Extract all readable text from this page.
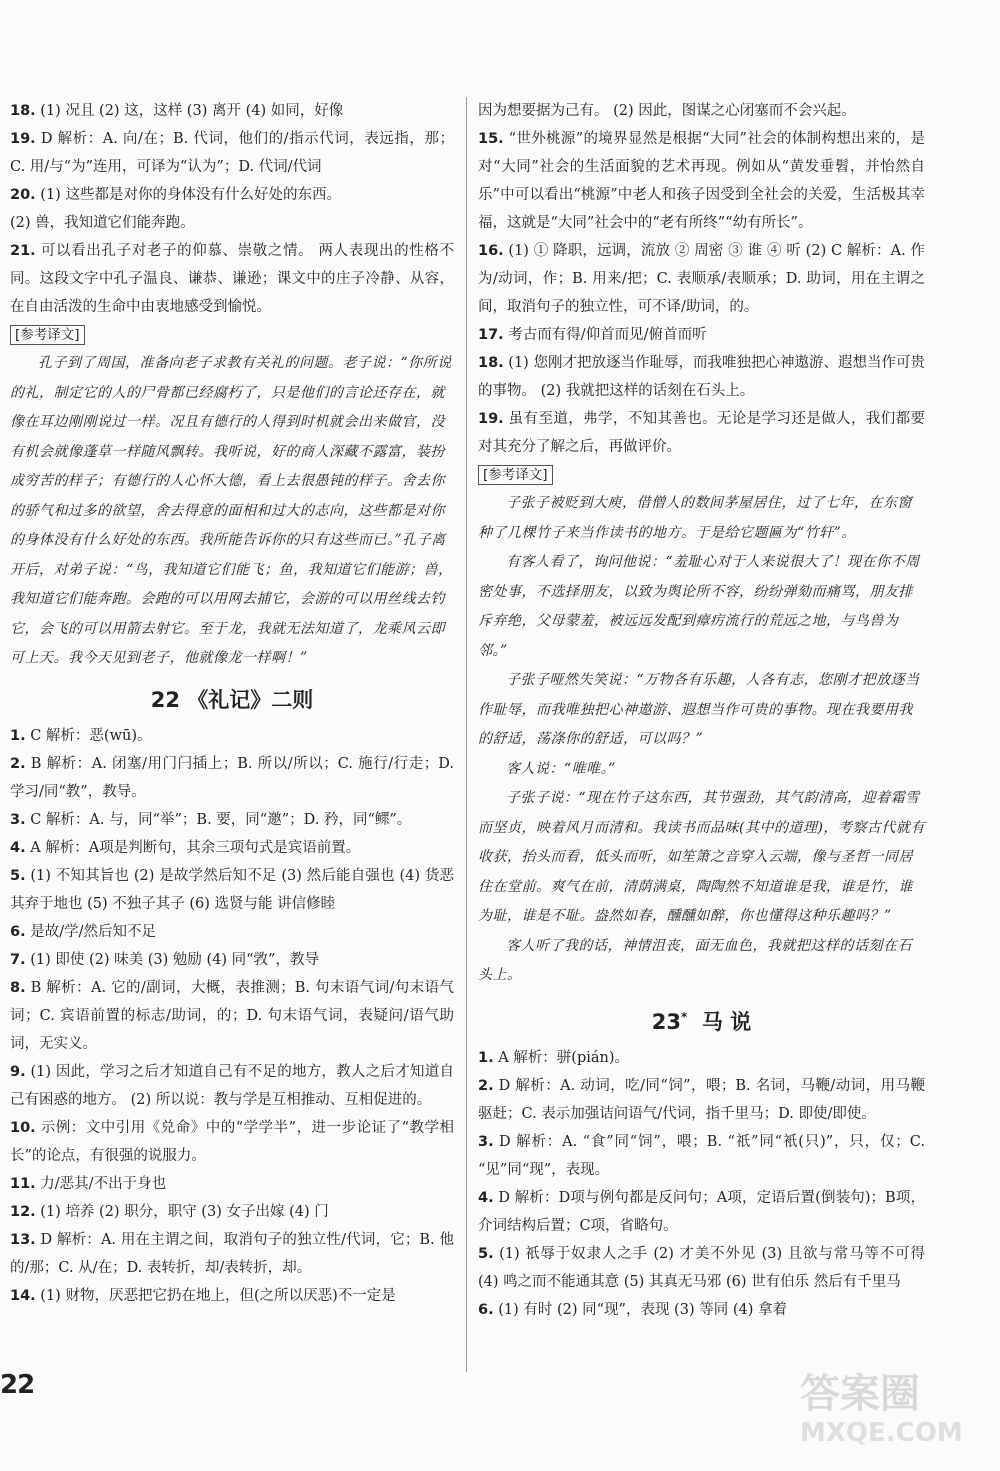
18. (1) 况且 (2) 这，这样 (3) 离开 (4) 如同，好像

19. D 解析：A. 向/在；B. 代词，他们的/指示代词，表远指，那；C. 用/与“为”连用，可译为“认为”；D. 代词/代词

20. (1) 这些都是对你的身体没有什么好处的东西。

(2) 兽，我知道它们能奔跑。

21. 可以看出孔子对老子的仰慕、崇敬之情。 两人表现出的性格不同。这段文字中孔子温良、谦恭、谦逊；课文中的庄子冷静、从容，在自由活泼的生命中由衷地感受到愉悦。

[参考译文]

孔子到了周国，准备向老子求教有关礼的问题。老子说：“你所说的礼，制定它的人的尸骨都已经腐朽了，只是他们的言论还存在，就像在耳边刚刚说过一样。况且有德行的人得到时机就会出来做官，没有机会就像蓬草一样随风飘转。我听说，好的商人深藏不露富，装扮成穷苦的样子；有德行的人心怀大德，看上去很愚钝的样子。舍去你的骄气和过多的欲望，舍去得意的面相和过大的志向，这些都是对你的身体没有什么好处的东西。我所能告诉你的只有这些而已。”孔子离开后，对弟子说：“鸟，我知道它们能飞；鱼，我知道它们能游；兽，我知道它们能奔跑。会跑的可以用网去捕它，会游的可以用丝线去钓它，会飞的可以用箭去射它。至于龙，我就无法知道了，龙乘风云即可上天。我今天见到老子，他就像龙一样啊！”

22 《礼记》二则

1. C 解析：恶(wū)。

2. B 解析：A. 闭塞/用门闩插上；B. 所以/所以；C. 施行/行走；D. 学习/同“教”，教导。

3. C 解析：A. 与，同“举”；B. 要，同“邀”；D. 矜，同“鳏”。

4. A 解析：A项是判断句，其余三项句式是宾语前置。

5. (1) 不知其旨也 (2) 是故学然后知不足 (3) 然后能自强也 (4) 货恶其弃于地也 (5) 不独子其子 (6) 选贤与能 讲信修睦

6. 是故/学/然后知不足

7. (1) 即使 (2) 味美 (3) 勉励 (4) 同“敩”，教导

8. B 解析：A. 它的/副词，大概，表推测；B. 句末语气词/句末语气词；C. 宾语前置的标志/助词，的；D. 句末语气词，表疑问/语气助词，无实义。

9. (1) 因此，学习之后才知道自己有不足的地方，教人之后才知道自己有困惑的地方。 (2) 所以说：教与学是互相推动、互相促进的。

10. 示例：文中引用《兑命》中的“学学半”，进一步论证了“教学相长”的论点，有很强的说服力。

11. 力/恶其/不出于身也

12. (1) 培养 (2) 职分，职守 (3) 女子出嫁 (4) 门

13. D 解析：A. 用在主谓之间，取消句子的独立性/代词，它；B. 他的/那；C. 从/在；D. 表转折，却/表转折，却。

14. (1) 财物，厌恶把它扔在地上，但(之所以厌恶)不一定是

因为想要据为己有。 (2) 因此，图谋之心闭塞而不会兴起。

15. “世外桃源”的境界显然是根据“大同”社会的体制构想出来的，是对“大同”社会的生活面貌的艺术再现。例如从“黄发垂髫，并怡然自乐”中可以看出“桃源”中老人和孩子因受到全社会的关爱，生活极其幸福，这就是“大同”社会中的“老有所终”“幼有所长”。

16. (1) ① 降职，远调，流放 ② 周密 ③ 谁 ④ 听 (2) C 解析：A. 作为/动词，作；B. 用来/把；C. 表顺承/表顺承；D. 助词，用在主谓之间，取消句子的独立性，可不译/助词，的。

17. 考古而有得/仰首而见/俯首而听

18. (1) 您刚才把放逐当作耻辱，而我唯独把心神遨游、遐想当作可贵的事物。 (2) 我就把这样的话刻在石头上。

19. 虽有至道，弗学，不知其善也。无论是学习还是做人，我们都要对其充分了解之后，再做评价。

[参考译文]

子张子被贬到大庾，借僧人的数间茅屋居住，过了七年，在东窗种了几棵竹子来当作读书的地方。于是给它题匾为“竹轩”。

有客人看了，询问他说：“羞耻心对于人来说很大了！现在你不周密处事，不选择朋友，以致为舆论所不容，纷纷弹劾而痛骂，朋友排斥弃绝，父母蒙羞，被远远发配到瘴疠流行的荒远之地，与鸟兽为邻。”

子张子哑然失笑说：“万物各有乐趣，人各有志，您刚才把放逐当作耻辱，而我唯独把心神遨游、遐想当作可贵的事物。现在我要用我的舒适，荡涤你的舒适，可以吗？”

客人说：“唯唯。”

子张子说：“现在竹子这东西，其节强劲，其气韵清高，迎着霜雪而坚贞，映着风月而清和。我读书而品味(其中的道理)，考察古代就有收获，抬头而看，低头而听，如笙箫之音穿入云端，像与圣哲一同居住在堂前。爽气在前，清荫满桌，陶陶然不知道谁是我，谁是竹，谁为耻，谁是不耻。盎然如春，醺醺如醉，你也懂得这种乐趣吗？”

客人听了我的话，神情沮丧，面无血色，我就把这样的话刻在石头上。

23* 马 说

1. A 解析：骈(pián)。

2. D 解析：A. 动词，吃/同“饲”，喂；B. 名词，马鞭/动词，用马鞭驱赶；C. 表示加强诘问语气/代词，指千里马；D. 即使/即使。

3. D 解析：A. “食”同“饲”，喂；B. “祇”同“衹(只)”，只，仅；C. “见”同“现”，表现。

4. D 解析：D项与例句都是反问句；A项，定语后置(倒装句)；B项，介词结构后置；C项，省略句。

5. (1) 祇辱于奴隶人之手 (2) 才美不外见 (3) 且欲与常马等不可得 (4) 鸣之而不能通其意 (5) 其真无马邪 (6) 世有伯乐 然后有千里马

6. (1) 有时 (2) 同“现”，表现 (3) 等同 (4) 拿着

22	答案圈
MXQE.COM
